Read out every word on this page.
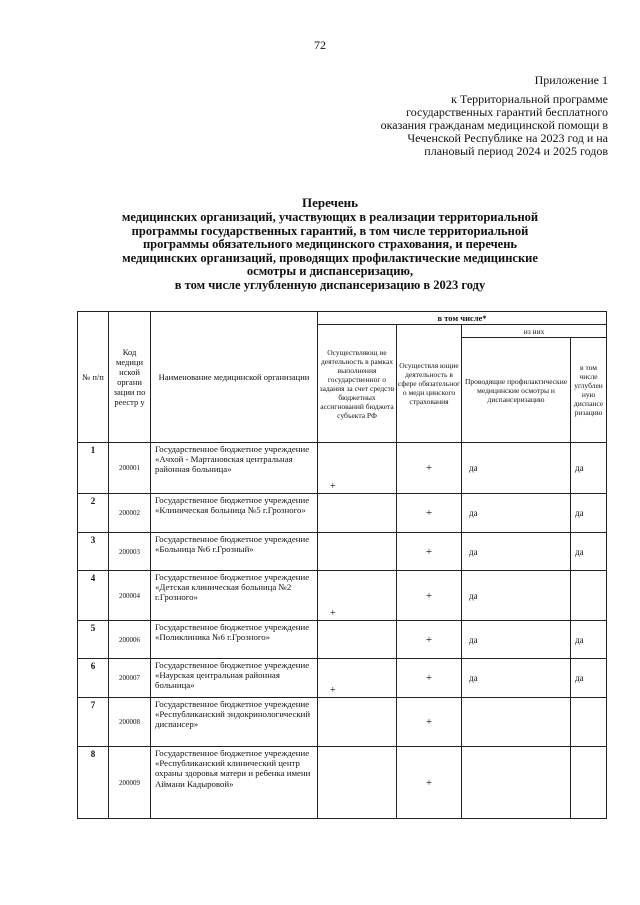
72
Приложение 1
к Территориальной программе
государственных гарантий бесплатного
оказания гражданам медицинской помощи в
Чеченской Республике на 2023 год и на
плановый период 2024 и 2025 годов
Перечень
медицинских организаций, участвующих в реализации территориальной
программы государственных гарантий, в том числе территориальной
программы обязательного медицинского страхования, и перечень
медицинских организаций, проводящих профилактические медицинские
осмотры и диспансеризацию,
в том числе углубленную диспансеризацию в 2023 году
№ п/п	Код медици нской органи зации по реестр у	Наименование медицинской организации	в том числе*			
			Осуществляющ ие деятельность в рамках выполнения государственног о задания за счет средств бюджетных ассигнований бюджета субъекта РФ	Осуществля ющие деятельность в сфере обязательног о меди цинского страхования	из них	
					Проводящие профилактические медицинские осмотры и диспансеризацию	в том числе углублен ную диспансе ризацию
1	200001	Государственное бюджетное учреждение «Ачхой - Мартановская центральная районная больница»	+	+	да	да
2	200002	Государственное бюджетное учреждение «Клиническая больница №5 г.Грозного»		+	да	да
3	200003	Государственное бюджетное учреждение «Больница №6 г.Грозный»		+	да	да
4	200004	Государственное бюджетное учреждение «Детская клиническая больница №2 г.Грозного»	+	+	да	
5	200006	Государственное бюджетное учреждение «Поликлиника №6 г.Грозного»		+	да	да
6	200007	Государственное бюджетное учреждение «Наурская центральная районная больница»	+	+	да	да
7	200008	Государственное бюджетное учреждение «Республиканский эндокринологический диспансер»		+		
8	200009	Государственное бюджетное учреждение «Республиканский клинический центр охраны здоровья матери и ребенка имени Аймани Кадыровой»		+		
